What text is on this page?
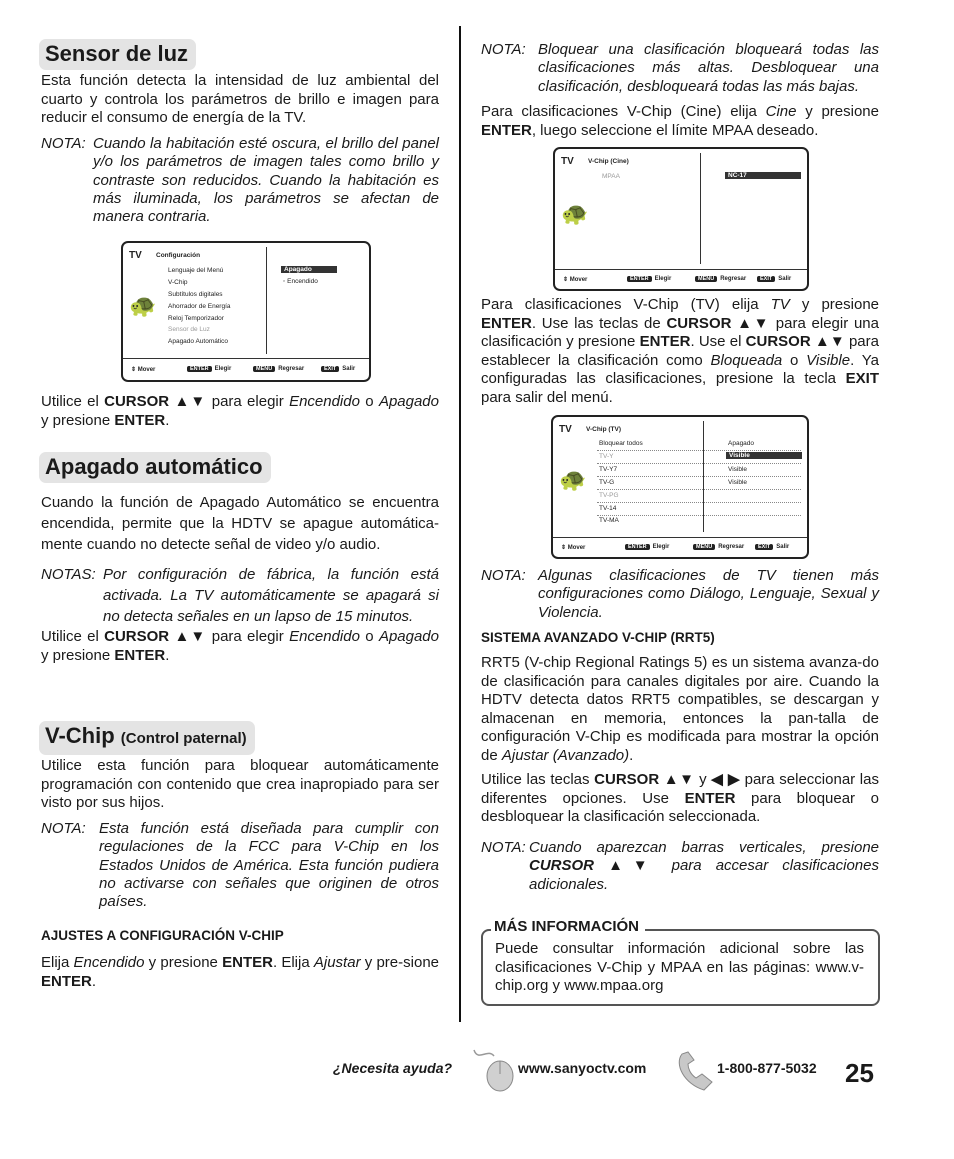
Sensor de luz

Esta función detecta la intensidad de luz ambiental del cuarto y controla los parámetros de brillo e imagen para reducir el consumo de energía de la TV.

NOTA: Cuando la habitación esté oscura, el brillo del panel y/o los parámetros de imagen tales como brillo y contraste son reducidos. Cuando la habitación es más iluminada, los parámetros se afectan de manera contraria.
TV Configuración
🐢
Lenguaje del Menú
V-Chip
Subtítulos digitales
Ahorrador de Energía
Reloj Temporizador
Sensor de Luz
Apagado Automático
Apagado
◦ Encendido
⇕ Mover	ENTER Elegir	MENU Regresar	EXIT Salir

Utilice el CURSOR ▲▼ para elegir Encendido o Apagado y presione ENTER.

Apagado automático

Cuando la función de Apagado Automático se encuentra encendida, permite que la HDTV se apague automática-mente cuando no detecte señal de video y/o audio.

NOTAS: Por configuración de fábrica, la función está activada. La TV automáticamente se apagará si no detecta señales en un lapso de 15 minutos.

Utilice el CURSOR ▲▼ para elegir Encendido o Apagado y presione ENTER.

V-Chip (Control paternal)

Utilice esta función para bloquear automáticamente programación con contenido que crea inapropiado para ser visto por sus hijos.

NOTA: Esta función está diseñada para cumplir con regulaciones de la FCC para V-Chip en los Estados Unidos de América. Esta función pudiera no activarse con señales que originen de otros países.
AJUSTES A CONFIGURACIÓN V-CHIP

Elija Encendido y presione ENTER. Elija Ajustar y pre-sione ENTER.

NOTA: Bloquear una clasificación bloqueará todas las clasificaciones más altas. Desbloquear una clasificación, desbloqueará todas las más bajas.

Para clasificaciones V-Chip (Cine) elija Cine y presione ENTER, luego seleccione el límite MPAA deseado.

TV V-Chip (Cine)
🐢
MPAA	NC-17
⇕ Mover	ENTER Elegir	MENU Regresar	EXIT Salir

Para clasificaciones V-Chip (TV) elija TV y presione ENTER. Use las teclas de CURSOR ▲▼ para elegir una clasificación y presione ENTER. Use el CURSOR ▲▼ para establecer la clasificación como Bloqueada o Visible. Ya configuradas las clasificaciones, presione la tecla EXIT para salir del menú.

TV V-Chip (TV)
🐢
Bloquear todos	Apagado
TV-Y	Visible
TV-Y7	Visible
TV-G	Visible
TV-PG
TV-14
TV-MA
⇕ Mover	ENTER Elegir	MENU Regresar	EXIT Salir
NOTA: Algunas clasificaciones de TV tienen más configuraciones como Diálogo, Lenguaje, Sexual y Violencia.
SISTEMA AVANZADO V-CHIP (RRT5)

RRT5 (V-chip Regional Ratings 5) es un sistema avanza-do de clasificación para canales digitales por aire. Cuando la HDTV detecta datos RRT5 compatibles, se descargan y almacenan en memoria, entonces la pan-talla de configuración V-Chip es modificada para mostrar la opción de Ajustar (Avanzado).

Utilice las teclas CURSOR ▲▼ y ◀ ▶ para seleccionar las diferentes opciones. Use ENTER para bloquear o desbloquear la clasificación seleccionada.

NOTA: Cuando aparezcan barras verticales, presione CURSOR ▲▼ para accesar clasificaciones adicionales.
MÁS INFORMACIÓN

Puede consultar información adicional sobre las clasificaciones V-Chip y MPAA en las páginas: www.v-chip.org y www.mpaa.org

¿Necesita ayuda?	www.sanyoctv.com	1-800-877-5032 25
